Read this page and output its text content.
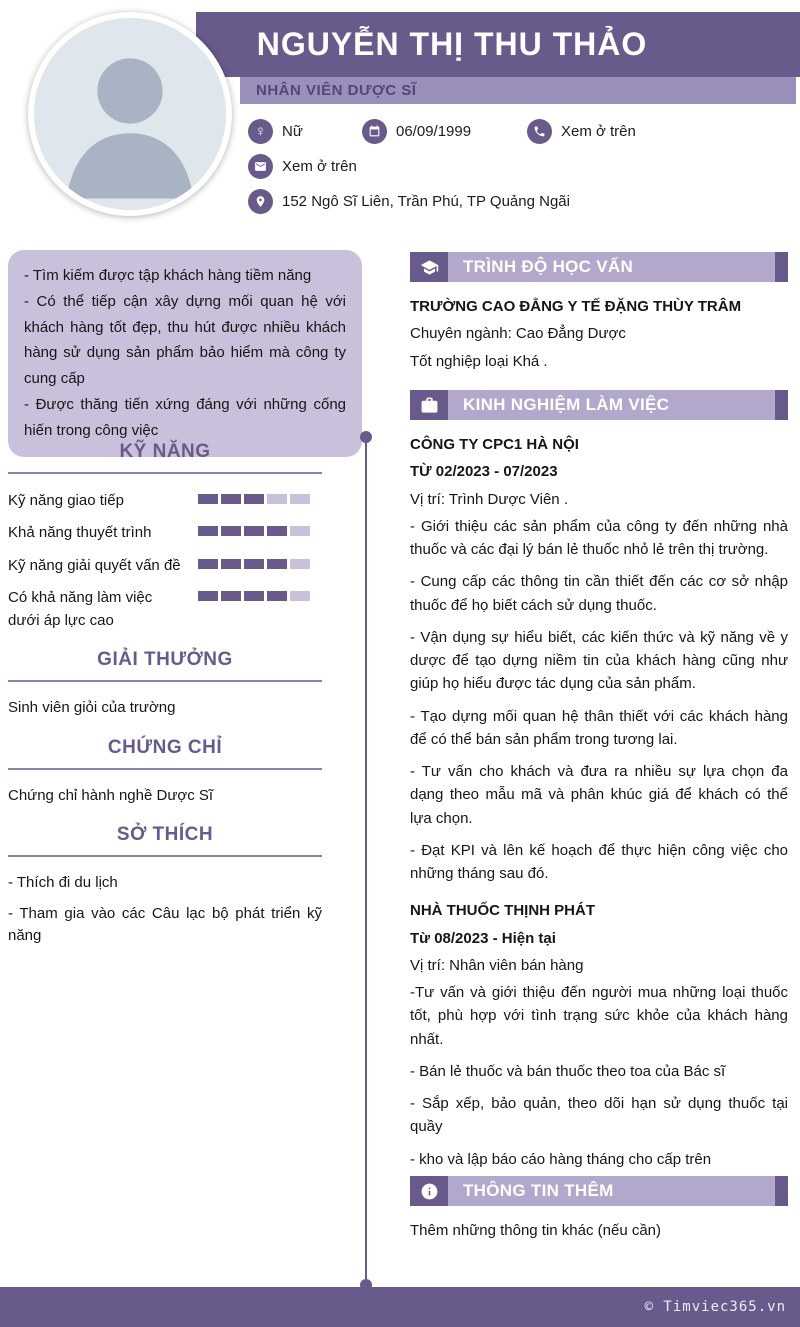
NGUYỄN THỊ THU THẢO
NHÂN VIÊN DƯỢC SĨ
♀	Nữ	06/09/1999	Xem ở trên
Xem ở trên
152 Ngô Sĩ Liên, Trần Phú, TP Quảng Ngãi

- Tìm kiếm được tập khách hàng tiềm năng

- Có thể tiếp cận xây dựng mối quan hệ với khách hàng tốt đẹp, thu hút được nhiều khách hàng sử dụng sản phẩm bảo hiểm mà công ty cung cấp

- Được thăng tiến xứng đáng với những cống hiến trong công việc

KỸ NĂNG
Kỹ năng giao tiếp
Khả năng thuyết trình
Kỹ năng giải quyết vấn đề
Có khả năng làm việc dưới áp lực cao
GIẢI THƯỞNG

Sinh viên giỏi của trường

CHỨNG CHỈ

Chứng chỉ hành nghề Dược Sĩ

SỞ THÍCH

- Thích đi du lịch

- Tham gia vào các Câu lạc bộ phát triển kỹ năng

TRÌNH ĐỘ HỌC VẤN

TRƯỜNG CAO ĐẲNG Y TẾ ĐẶNG THÙY TRÂM

Chuyên ngành: Cao Đẳng Dược

Tốt nghiệp loại Khá .

KINH NGHIỆM LÀM VIỆC

CÔNG TY CPC1 HÀ NỘI

TỪ 02/2023 - 07/2023

Vị trí: Trình Dược Viên .

- Giới thiệu các sản phẩm của công ty đến những nhà thuốc và các đại lý bán lẻ thuốc nhỏ lẻ trên thị trường.

- Cung cấp các thông tin cần thiết đến các cơ sở nhập thuốc để họ biết cách sử dụng thuốc.

- Vận dụng sự hiểu biết, các kiến thức và kỹ năng về y dược để tạo dựng niềm tin của khách hàng cũng như giúp họ hiểu được tác dụng của sản phẩm.

- Tạo dựng mối quan hệ thân thiết với các khách hàng để có thể bán sản phẩm trong tương lai.

- Tư vấn cho khách và đưa ra nhiều sự lựa chọn đa dạng theo mẫu mã và phân khúc giá để khách có thể lựa chọn.

- Đạt KPI và lên kế hoạch để thực hiện công việc cho những tháng sau đó.

NHÀ THUỐC THỊNH PHÁT

Từ 08/2023 - Hiện tại

Vị trí: Nhân viên bán hàng

-Tư vấn và giới thiệu đến người mua những loại thuốc tốt, phù hợp với tình trạng sức khỏe của khách hàng nhất.

- Bán lẻ thuốc và bán thuốc theo toa của Bác sĩ

- Sắp xếp, bảo quản, theo dõi hạn sử dụng thuốc tại quầy

- kho và lập báo cáo hàng tháng cho cấp trên

THÔNG TIN THÊM

Thêm những thông tin khác (nếu cần)

© Timviec365.vn
